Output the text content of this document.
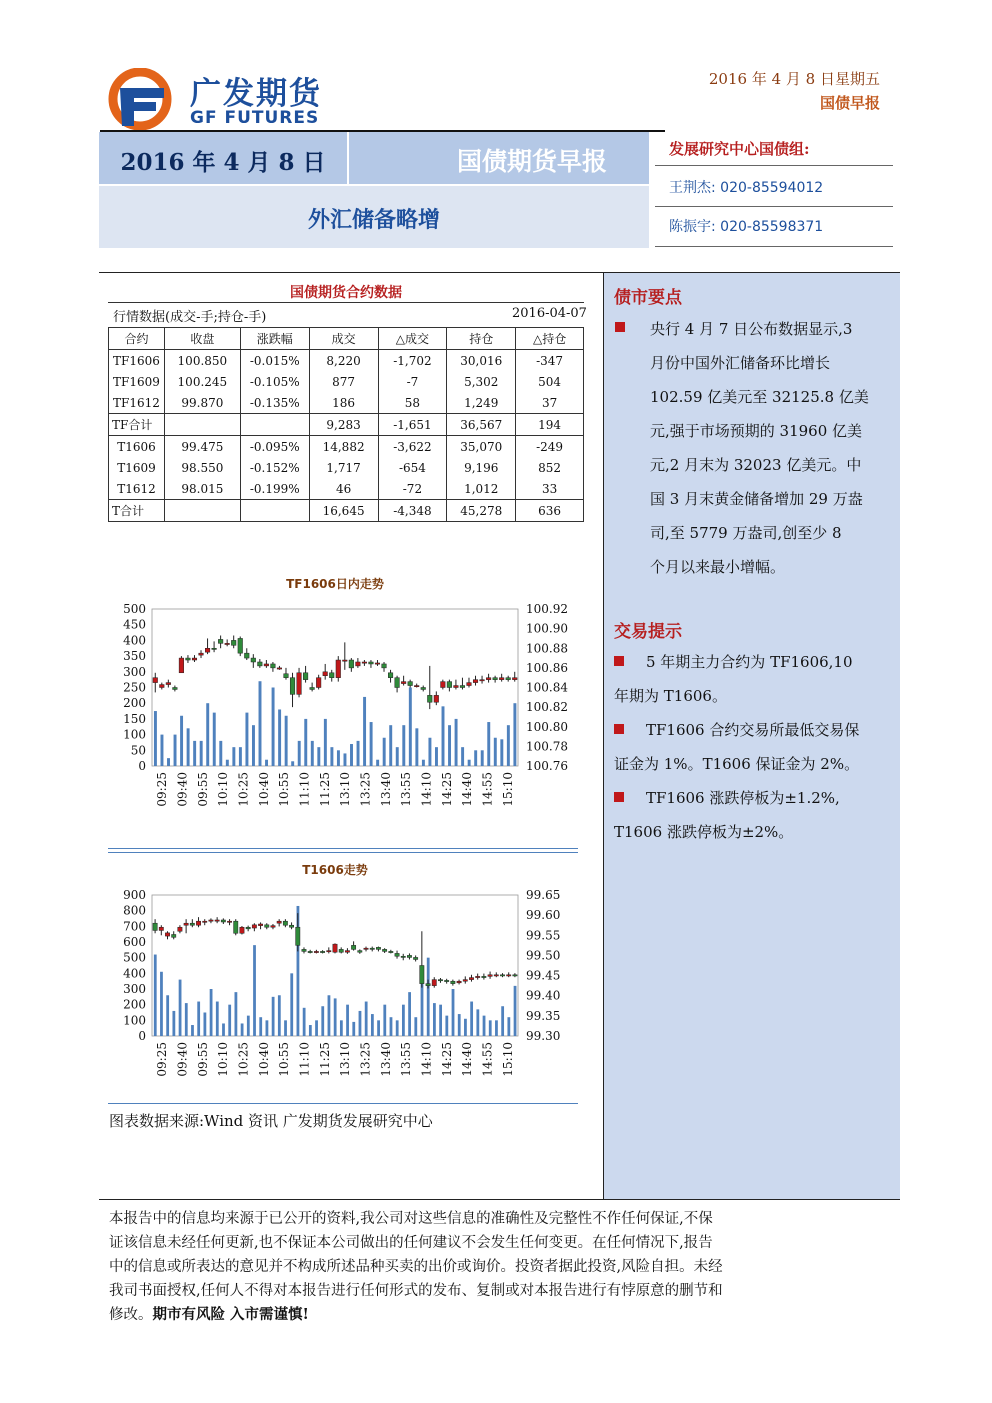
广发期货
GF FUTURES
2016 年 4 月 8 日星期五
国债早报
2016 年 4 月 8 日	国债期货早报
外汇储备略增
发展研究中心国债组:
王荆杰: 020-85594012
陈振宇: 020-85598371
国债期货合约数据
行情数据(成交-手;持仓-手)	2016-04-07
合约	收盘	涨跌幅	成交	△成交	持仓	△持仓
TF1606	100.850	-0.015%	8,220	-1,702	30,016	-347
TF1609	100.245	-0.105%	877	-7	5,302	504
TF1612	99.870	-0.135%	186	58	1,249	37
TF合计			9,283	-1,651	36,567	194
T1606	99.475	-0.095%	14,882	-3,622	35,070	-249
T1609	98.550	-0.152%	1,717	-654	9,196	852
T1612	98.015	-0.199%	46	-72	1,012	33
T合计			16,645	-4,348	45,278	636
TF1606日内走势
500
450
400
350
300
250
200
150
100
50
0
100.92
100.90
100.88
100.86
100.84
100.82
100.80
100.78
100.76
09:25 09:40 09:55 10:10 10:25 10:40 10:55 11:10 11:25 13:10 13:25 13:40 13:55 14:10 14:25 14:40 14:55 15:10
T1606走势
900
800
700
600
500
400
300
200
100
0
99.65
99.60
99.55
99.50
99.45
99.40
99.35
99.30
09:25 09:40 09:55 10:10 10:25 10:40 10:55 11:10 11:25 13:10 13:25 13:40 13:55 14:10 14:25 14:40 14:55 15:10
图表数据来源:Wind 资讯 广发期货发展研究中心
债市要点
央行 4 月 7 日公布数据显示,3
月份中国外汇储备环比增长
102.59 亿美元至 32125.8 亿美
元,强于市场预期的 31960 亿美
元,2 月末为 32023 亿美元。中
国 3 月末黄金储备增加 29 万盎
司,至 5779 万盎司,创至少 8
个月以来最小增幅。
交易提示
5 年期主力合约为 TF1606,10
年期为 T1606。
TF1606 合约交易所最低交易保
证金为 1%。T1606 保证金为 2%。
TF1606 涨跌停板为±1.2%,
T1606 涨跌停板为±2%。
本报告中的信息均来源于已公开的资料,我公司对这些信息的准确性及完整性不作任何保证,不保
证该信息未经任何更新,也不保证本公司做出的任何建议不会发生任何变更。在任何情况下,报告
中的信息或所表达的意见并不构成所述品种买卖的出价或询价。投资者据此投资,风险自担。未经
我司书面授权,任何人不得对本报告进行任何形式的发布、复制或对本报告进行有悖原意的删节和
修改。期市有风险 入市需谨慎!
